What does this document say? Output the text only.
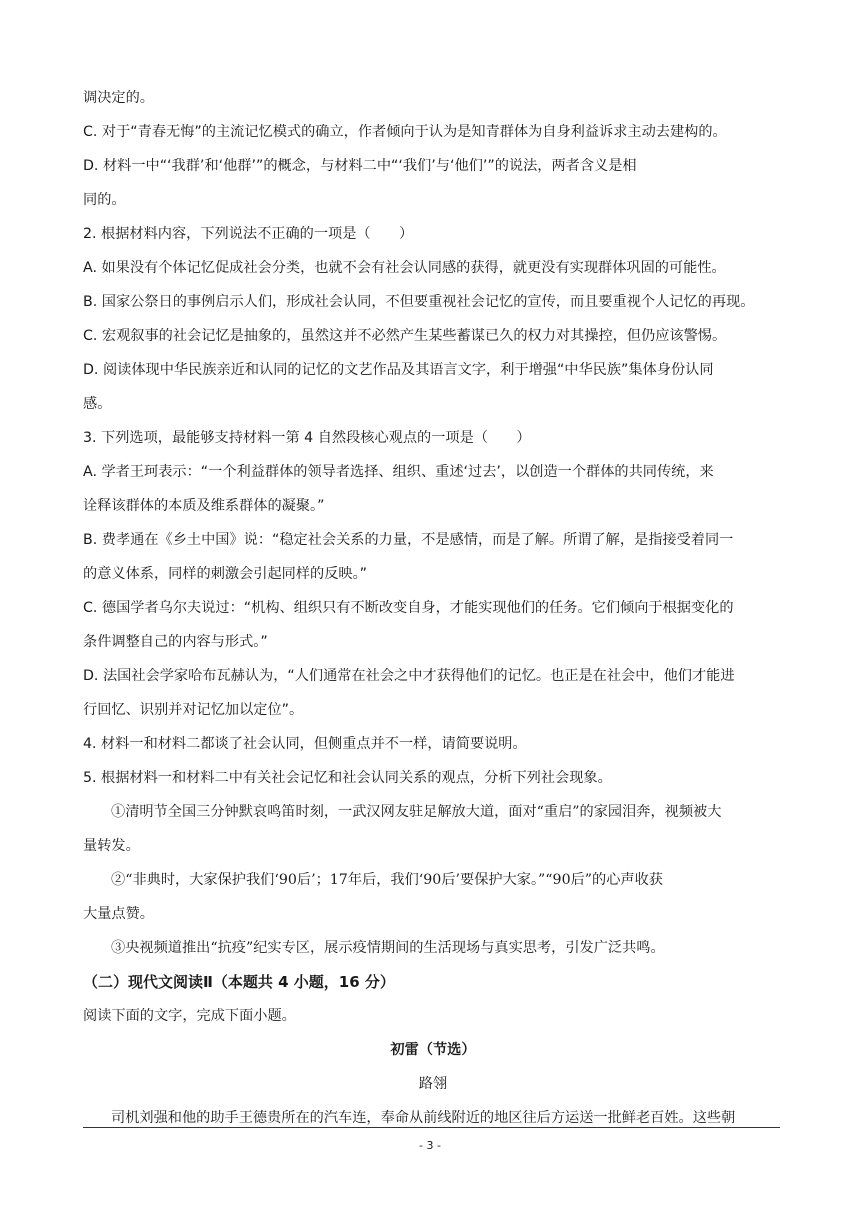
调决定的。
C. 对于“青春无悔”的主流记忆模式的确立，作者倾向于认为是知青群体为自身利益诉求主动去建构的。
D. 材料一中“‘我群’和‘他群’”的概念，与材料二中“‘我们’与‘他们’”的说法，两者含义是相
同的。
2. 根据材料内容，下列说法不正确的一项是（　　）
A. 如果没有个体记忆促成社会分类，也就不会有社会认同感的获得，就更没有实现群体巩固的可能性。
B. 国家公祭日的事例启示人们，形成社会认同，不但要重视社会记忆的宣传，而且要重视个人记忆的再现。
C. 宏观叙事的社会记忆是抽象的，虽然这并不必然产生某些蓄谋已久的权力对其操控，但仍应该警惕。
D. 阅读体现中华民族亲近和认同的记忆的文艺作品及其语言文字，利于增强“中华民族”集体身份认同
感。
3. 下列选项，最能够支持材料一第 4 自然段核心观点的一项是（　　）
A. 学者王珂表示：“一个利益群体的领导者选择、组织、重述‘过去’，以创造一个群体的共同传统，来
诠释该群体的本质及维系群体的凝聚。”
B. 费孝通在《乡土中国》说：“稳定社会关系的力量，不是感情，而是了解。所谓了解，是指接受着同一
的意义体系，同样的刺激会引起同样的反映。”
C. 德国学者乌尔夫说过：“机构、组织只有不断改变自身，才能实现他们的任务。它们倾向于根据变化的
条件调整自己的内容与形式。”
D. 法国社会学家哈布瓦赫认为，“人们通常在社会之中才获得他们的记忆。也正是在社会中，他们才能进
行回忆、识别并对记忆加以定位”。
4. 材料一和材料二都谈了社会认同，但侧重点并不一样，请简要说明。
5. 根据材料一和材料二中有关社会记忆和社会认同关系的观点，分析下列社会现象。
①清明节全国三分钟默哀鸣笛时刻，一武汉网友驻足解放大道，面对“重启”的家园泪奔，视频被大
量转发。
②“非典时，大家保护我们‘90后’；17年后，我们‘90后’要保护大家。”“90后”的心声收获
大量点赞。
③央视频道推出“抗疫”纪实专区，展示疫情期间的生活现场与真实思考，引发广泛共鸣。
（二）现代文阅读Ⅱ（本题共 4 小题，16 分）
阅读下面的文字，完成下面小题。
初雷（节选）
路翎
司机刘强和他的助手王德贵所在的汽车连，奉命从前线附近的地区往后方运送一批鲜老百姓。这些朝
- 3 -
